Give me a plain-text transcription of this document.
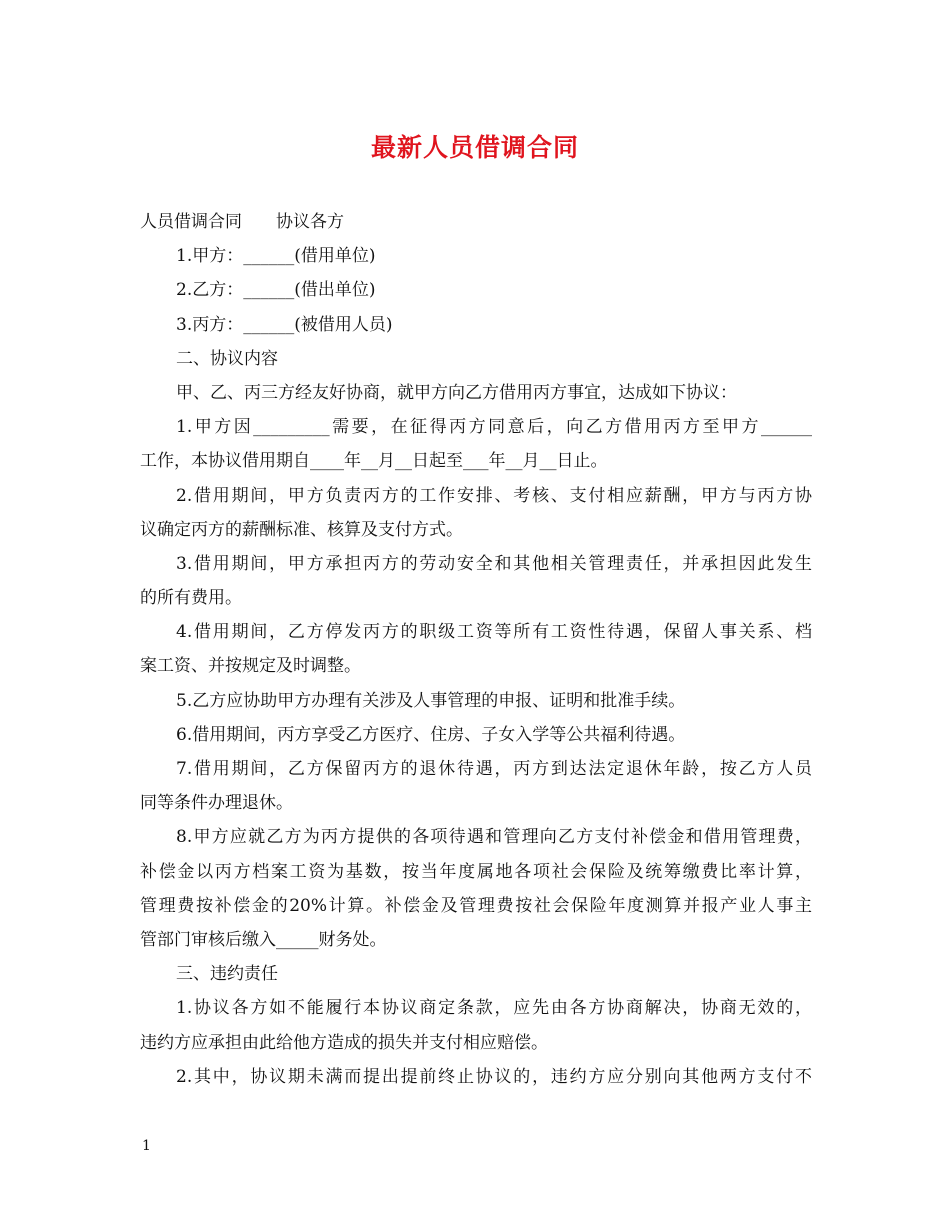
最新人员借调合同
人员借调合同　　协议各方
1.甲方：______(借用单位)
2.乙方：______(借出单位)
3.丙方：______(被借用人员)
二、协议内容
甲、乙、丙三方经友好协商，就甲方向乙方借用丙方事宜，达成如下协议：
1.甲方因_________需要，在征得丙方同意后，向乙方借用丙方至甲方______
工作，本协议借用期自____年__月__日起至___年__月__日止。
2.借用期间，甲方负责丙方的工作安排、考核、支付相应薪酬，甲方与丙方协
议确定丙方的薪酬标准、核算及支付方式。
3.借用期间，甲方承担丙方的劳动安全和其他相关管理责任，并承担因此发生
的所有费用。
4.借用期间，乙方停发丙方的职级工资等所有工资性待遇，保留人事关系、档
案工资、并按规定及时调整。
5.乙方应协助甲方办理有关涉及人事管理的申报、证明和批准手续。
6.借用期间，丙方享受乙方医疗、住房、子女入学等公共福利待遇。
7.借用期间，乙方保留丙方的退休待遇，丙方到达法定退休年龄，按乙方人员
同等条件办理退休。
8.甲方应就乙方为丙方提供的各项待遇和管理向乙方支付补偿金和借用管理费，
补偿金以丙方档案工资为基数，按当年度属地各项社会保险及统筹缴费比率计算，
管理费按补偿金的20%计算。补偿金及管理费按社会保险年度测算并报产业人事主
管部门审核后缴入_____财务处。
三、违约责任
1.协议各方如不能履行本协议商定条款，应先由各方协商解决，协商无效的，
违约方应承担由此给他方造成的损失并支付相应赔偿。
2.其中，协议期未满而提出提前终止协议的，违约方应分别向其他两方支付不
1
